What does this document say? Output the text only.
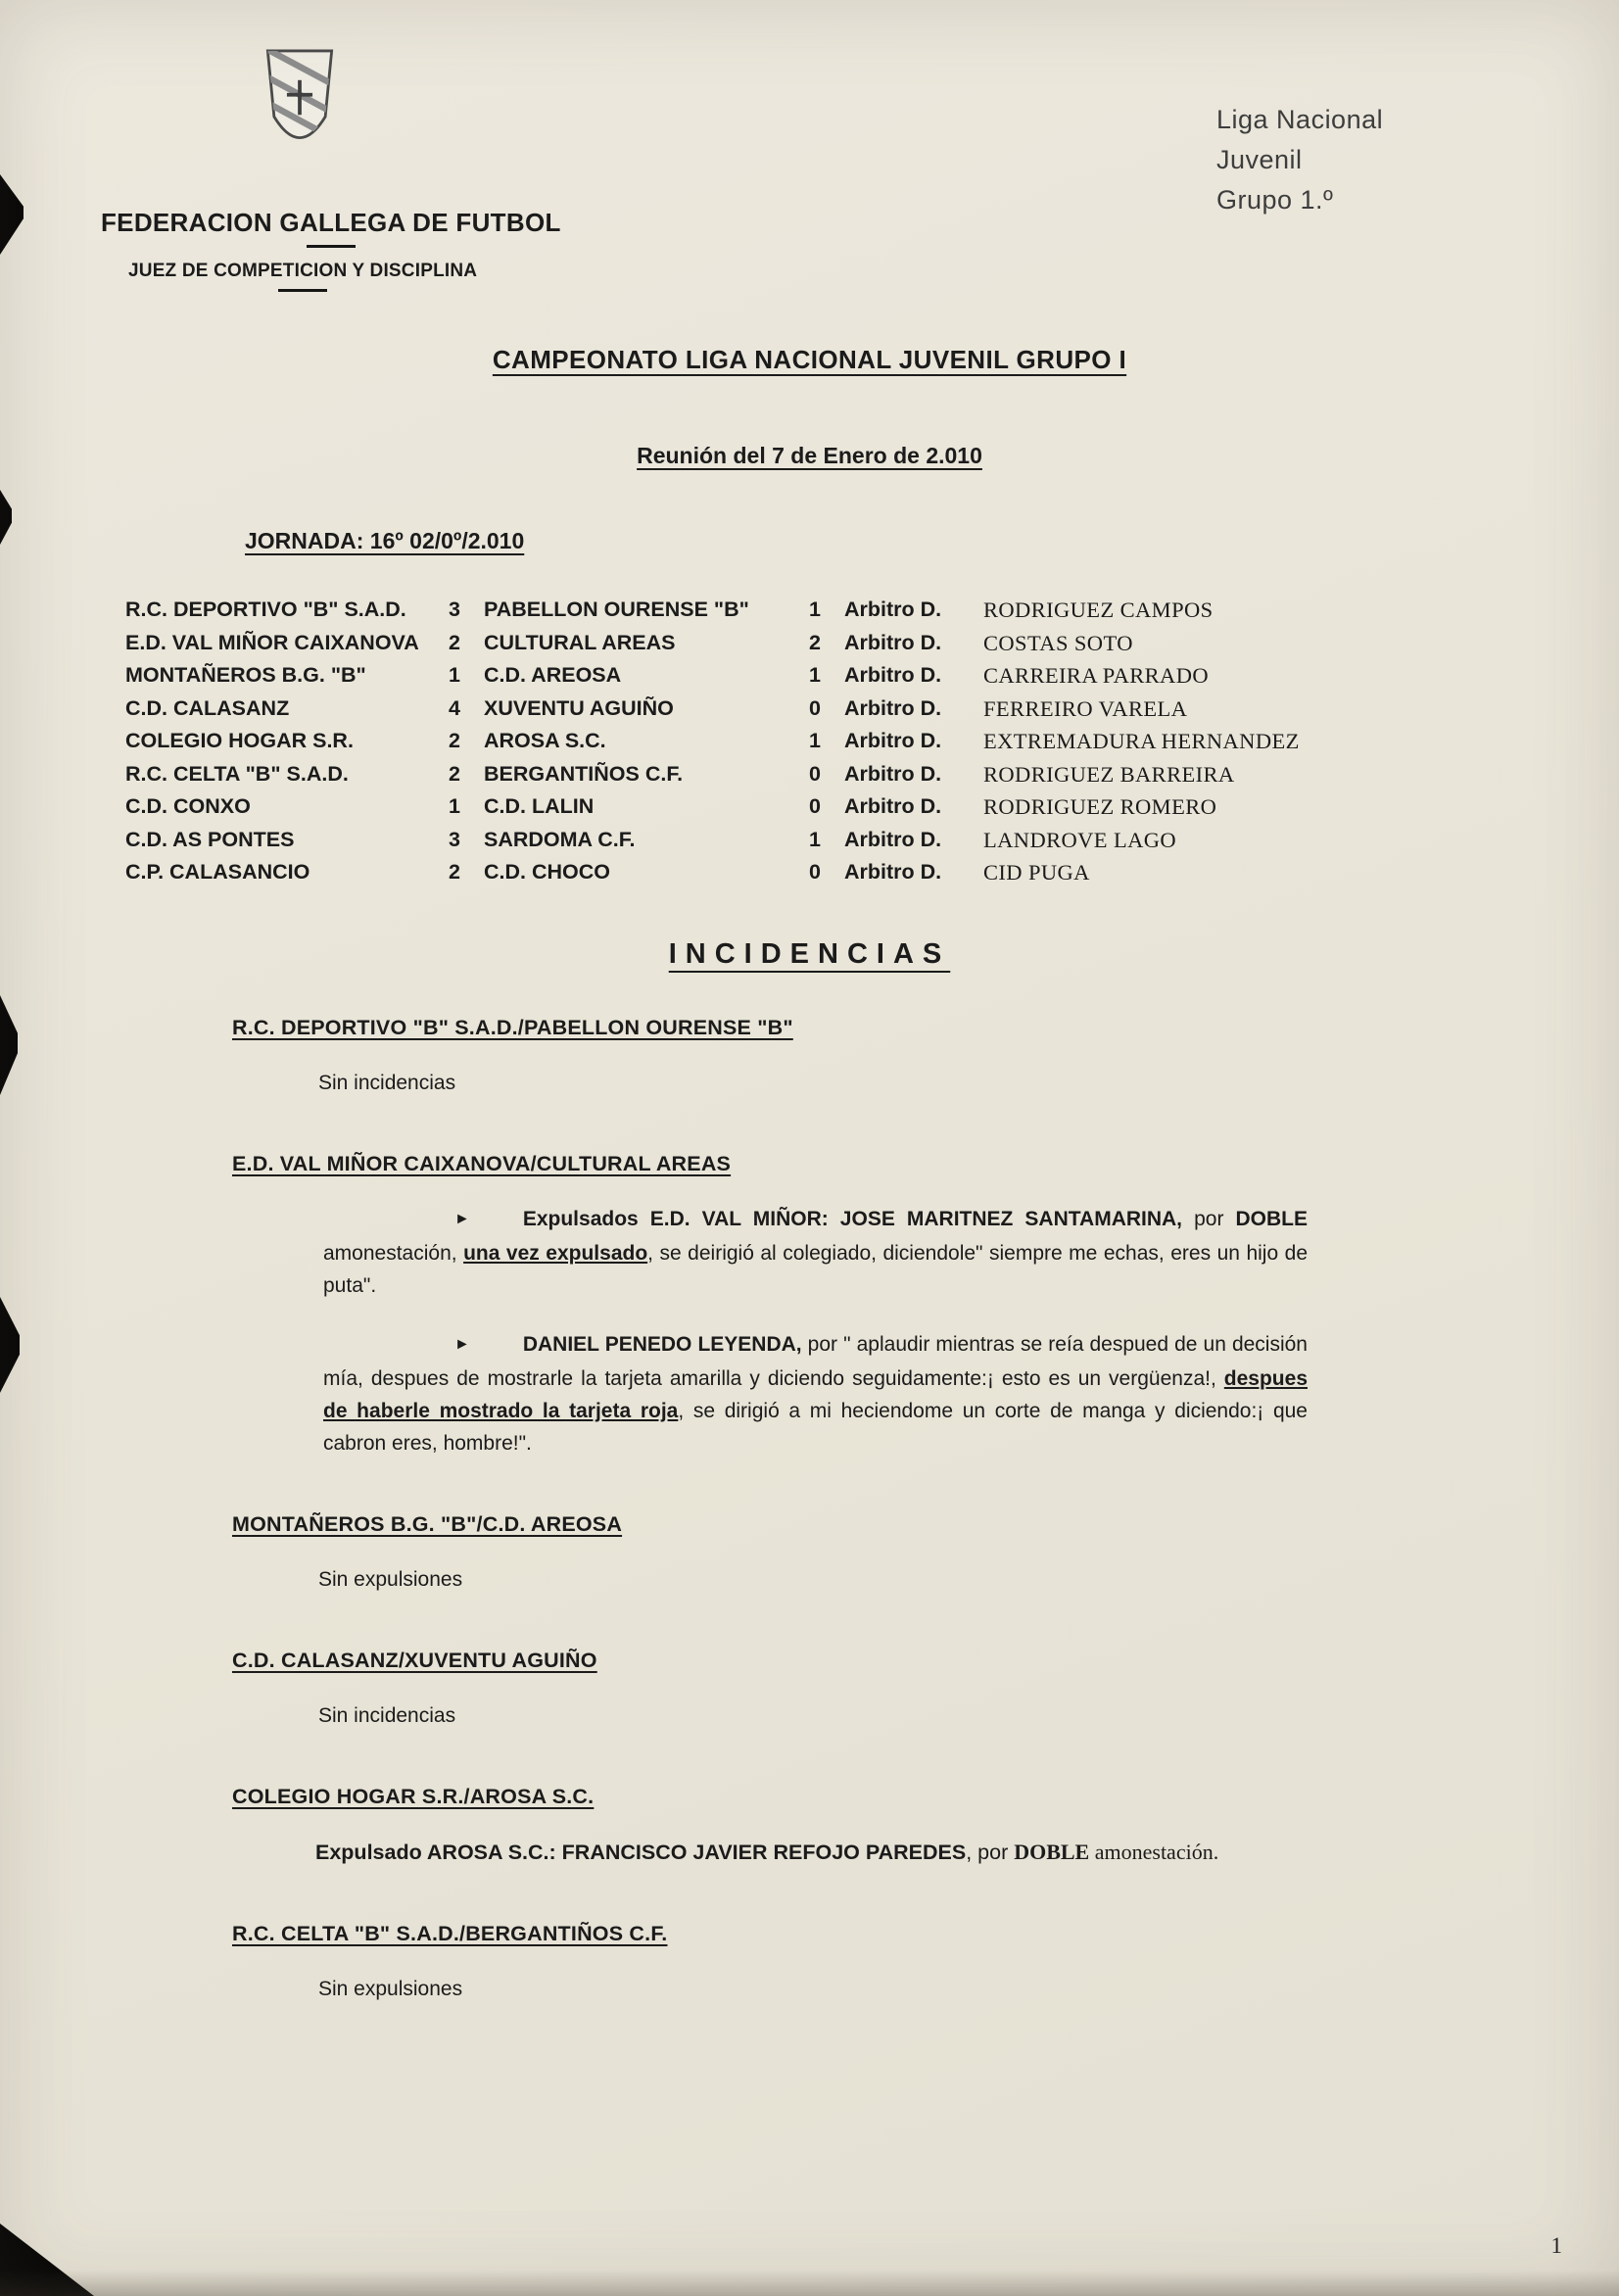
Liga Nacional
Juvenil
Grupo 1.º
FEDERACION GALLEGA DE FUTBOL
JUEZ DE COMPETICION Y DISCIPLINA
CAMPEONATO LIGA NACIONAL JUVENIL GRUPO I
Reunión del 7 de Enero de 2.010
JORNADA: 16º 02/0º/2.010
R.C. DEPORTIVO "B" S.A.D.	3	PABELLON OURENSE "B"	1	Arbitro D.	RODRIGUEZ CAMPOS
E.D. VAL MIÑOR CAIXANOVA	2	CULTURAL AREAS	2	Arbitro D.	COSTAS SOTO
MONTAÑEROS B.G. "B"	1	C.D. AREOSA	1	Arbitro D.	CARREIRA PARRADO
C.D. CALASANZ	4	XUVENTU AGUIÑO	0	Arbitro D.	FERREIRO VARELA
COLEGIO HOGAR S.R.	2	AROSA S.C.	1	Arbitro D.	EXTREMADURA HERNANDEZ
R.C. CELTA "B" S.A.D.	2	BERGANTIÑOS C.F.	0	Arbitro D.	RODRIGUEZ BARREIRA
C.D. CONXO	1	C.D. LALIN	0	Arbitro D.	RODRIGUEZ ROMERO
C.D. AS PONTES	3	SARDOMA C.F.	1	Arbitro D.	LANDROVE LAGO
C.P. CALASANCIO	2	C.D. CHOCO	0	Arbitro D.	CID PUGA
INCIDENCIAS
R.C. DEPORTIVO "B" S.A.D./PABELLON OURENSE "B"
Sin incidencias
E.D. VAL MIÑOR CAIXANOVA/CULTURAL AREAS
►	Expulsados E.D. VAL MIÑOR: JOSE MARITNEZ SANTAMARINA, por DOBLE amonestación, una vez expulsado, se deirigió al colegiado, diciendole" siempre me echas, eres un hijo de puta".
►	DANIEL PENEDO LEYENDA, por " aplaudir mientras se reía despued de un decisión mía, despues de mostrarle la tarjeta amarilla y diciendo seguidamente:¡ esto es un vergüenza!, despues de haberle mostrado la tarjeta roja, se dirigió a mi heciendome un corte de manga y diciendo:¡ que cabron eres, hombre!".
MONTAÑEROS B.G. "B"/C.D. AREOSA
Sin expulsiones
C.D. CALASANZ/XUVENTU AGUIÑO
Sin incidencias
COLEGIO HOGAR S.R./AROSA S.C.
Expulsado AROSA S.C.: FRANCISCO JAVIER REFOJO PAREDES, por DOBLE amonestación.
R.C. CELTA "B" S.A.D./BERGANTIÑOS C.F.
Sin expulsiones
1
